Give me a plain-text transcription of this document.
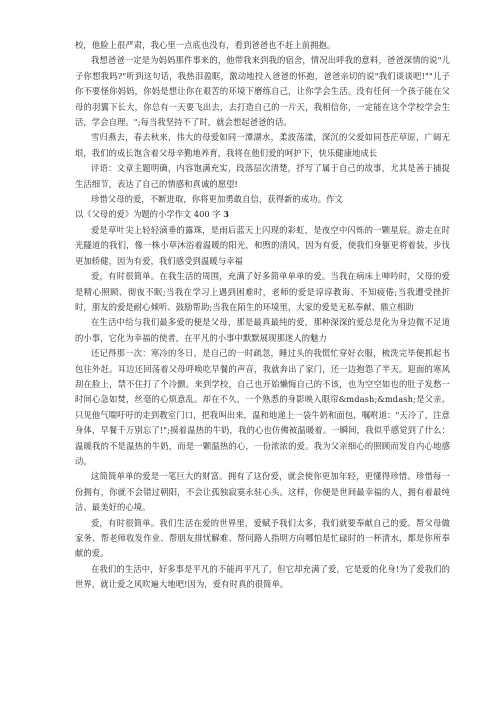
校，他脸上很严肃，我心里一点底也没有，看到爸爸也不赶上前拥抱。

我想爸爸一定是为妈妈那件事来的，他带我来到我的宿舍，情况出呼我的意料，爸爸深情的说"儿子你想我吗?"听到这句话，我热泪盈眶，激动地投入爸爸的怀抱，爸爸亲切的说"我们谈谈吧!""儿子你不要怪你妈妈，你妈是想让你在艰苦的环境下磨练自己，让你学会生活。没有任何一个孩子能在父母的羽翼下长大，你总有一天要飞出去，去打造自己的一片天，我相信你，一定能在这个学校学会生活，学会自理。";每当我坚持不了时，就会想起爸爸的话。

雪归燕去，春去秋来，伟大的母爱如同一潭湖水，柔波荡漾，深沉的父爱如同苍茫草原，广阔无垠，我们的成长饱含着父母辛勤地养育，我将在他们爱的呵护下，快乐健康地成长

评语：文章主题明确，内容饱满充实，段落层次清楚，抒写了属于自己的故事，尤其是善于捕捉生活细节，表达了自己的情感和真诚的愿望!

珍惜父母的爱，不断进取，你将更加勇敢自信，获得新的成功。作文

以《父母的爱》为题的小学作文 400 字 3

爱是草叶尖上轻轻滴垂的露珠，是雨后蓝天上闪现的彩虹，是夜空中闪烁的一颗星辰。游走在时光隧道的我们，像一株小草沐浴着温暖的阳光，和煦的清风，因为有爱，使我们身躯更将着装，步伐更加轿健，因为有爱，我们感受到温暖与幸福

爱，有时很简单。在我生活的周围，充满了好多简单单单的爱。当我在病床上呻吟时，父母的爱是精心照顾、彻夜不眠;当我在学习上遇到困难时，老师的爱是谆谆教诲、不知疲倦;当我遭受挫折时，朋友的爱是耐心倾听、鼓励帮助;当我在陌生的环境里，大家的爱是无私奉献、鼎立相助

在生活中给与我们最多爱的便是父母，那是最真最纯的爱，那种深深的爱总是化为身边微不足道的小事，它化为幸福的使者，在平凡的小事中默默展现那迷人的魅力

还记得那一次：寒冷的冬日，是自己的一时疏忽，睡过头的我慌忙穿好衣服，梳洗完毕便抓起书包往外赶。耳边还回荡着父母呼唤吃早餐的声音，我就奔出了家门，还一边抱怨了半天。迎面的寒风刮在脸上，禁不住打了个冷颤。来到学校，自己也开始懒悔自己的不该，也为空空如也的肚子发愁一时间心急如焚，丝毫的心烦意乱。却在不久，一个熟悉的身影映入眼帘&mdash;&mdash;是父亲。只见他气喘吁吁的走到教室门口，把我叫出来，温和地递上一袋牛奶和面包，嘱咐道："天冷了，注意身体，早餐千万别忘了!";摸着温热的牛奶，我的心也仿佛被温暖着。一瞬间，我似乎感觉到了什么：温暖我的不是温热的牛奶，而是一颗温热的心，一份浓浓的爱。我为父亲细心的照顾而发自内心地感动。

这简简单单的爱是一笔巨大的财富。拥有了这份爱，就会使你更加年轻，更懂得珍惜。珍惜每一份拥有，你就不会错过朝阳，不会让孤独寂寞永驻心头。这样，你便是世间最幸福的人，拥有着最纯洁、最美好的心境。

爱，有时很简单。我们生活在爱的世界里，爱赋予我们太多，我们就要奉献自己的爱。帮父母做家务、帮老师收发作业、帮朋友排忧解难、帮问路人指明方向哪怕是忙碌时的一杯清水，都是你所奉献的爱。

在我们的生活中，好多事是平凡的不能再平凡了，但它却充满了爱，它是爱的化身!为了爱我们的世界，就让爱之风吹遍大地吧!因为，爱有时真的很简单。
